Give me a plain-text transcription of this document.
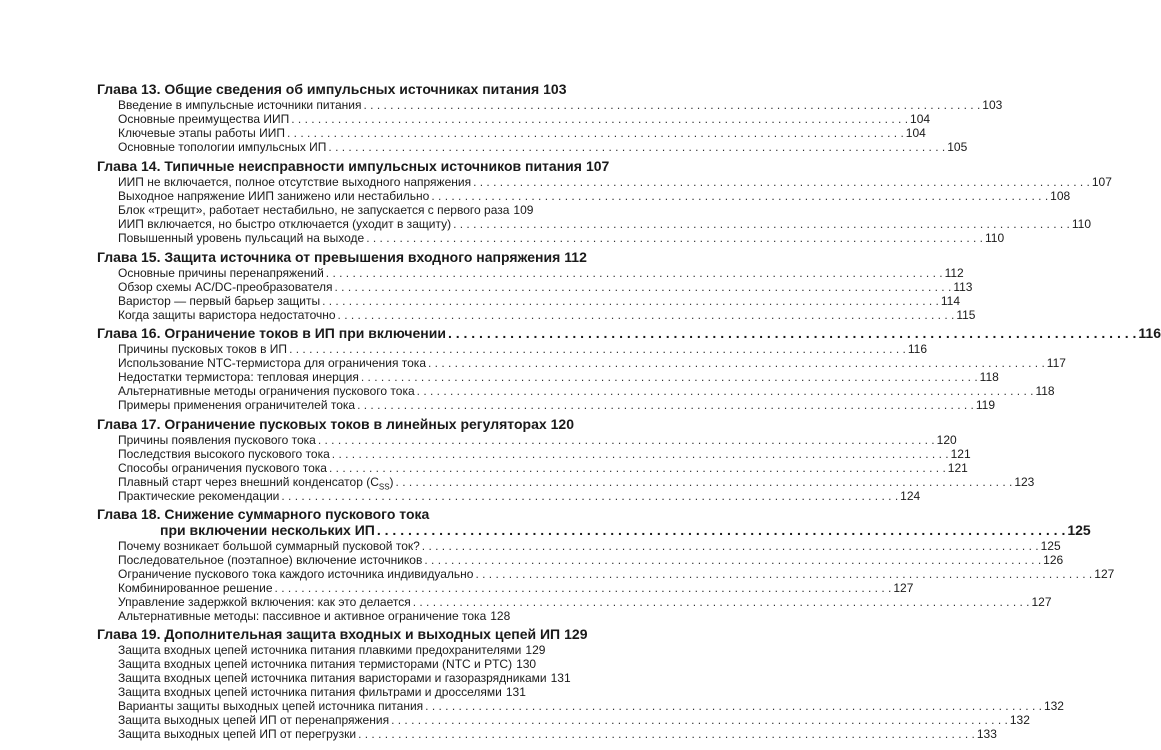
Глава 13. Общие сведения об импульсных источниках питания 103
Введение в импульсные источники питания . . .	103
Основные преимущества ИИП . . .	104
Ключевые этапы работы ИИП . . .	104
Основные топологии импульсных ИП . . .	105
Глава 14. Типичные неисправности импульсных источников питания 107
ИИП не включается, полное отсутствие выходного напряжения . . .	107
Выходное напряжение ИИП занижено или нестабильно . . .	108
Блок «трещит», работает нестабильно, не запускается с первого раза 109
ИИП включается, но быстро отключается (уходит в защиту) . . .	110
Повышенный уровень пульсаций на выходе . . .	110
Глава 15. Защита источника от превышения входного напряжения 112
Основные причины перенапряжений . . .	112
Обзор схемы AC/DC-преобразователя . . .	113
Варистор — первый барьер защиты . . .	114
Когда защиты варистора недостаточно . . .	115
Глава 16. Ограничение токов в ИП при включении . . .	116
Причины пусковых токов в ИП . . .	116
Использование NTC-термистора для ограничения тока . . .	117
Недостатки термистора: тепловая инерция . . .	118
Альтернативные методы ограничения пускового тока . . .	118
Примеры применения ограничителей тока . . .	119
Глава 17. Ограничение пусковых токов в линейных регуляторах 120
Причины появления пускового тока . . .	120
Последствия высокого пускового тока . . .	121
Способы ограничения пускового тока . . .	121
Плавный старт через внешний конденсатор $(C_{SS})$ . . .	123
Практические рекомендации . . .	124
Глава 18. Снижение суммарного пускового тока
при включении нескольких ИП . . .	125
Почему возникает большой суммарный пусковой ток? . . .	125
Последовательное (поэтапное) включение источников . . .	126
Ограничение пускового тока каждого источника индивидуально . . .	127
Комбинированное решение . . .	127
Управление задержкой включения: как это делается . . .	127
Альтернативные методы: пассивное и активное ограничение тока 128
Глава 19. Дополнительная защита входных и выходных цепей ИП 129
Защита входных цепей источника питания плавкими предохранителями 129
Защита входных цепей источника питания термисторами (NTC и PTC) 130
Защита входных цепей источника питания варисторами и газоразрядниками 131
Защита входных цепей источника питания фильтрами и дросселями 131
Варианты защиты выходных цепей источника питания . . .	132
Защита выходных цепей ИП от перенапряжения . . .	132
Защита выходных цепей ИП от перегрузки . . .	133
